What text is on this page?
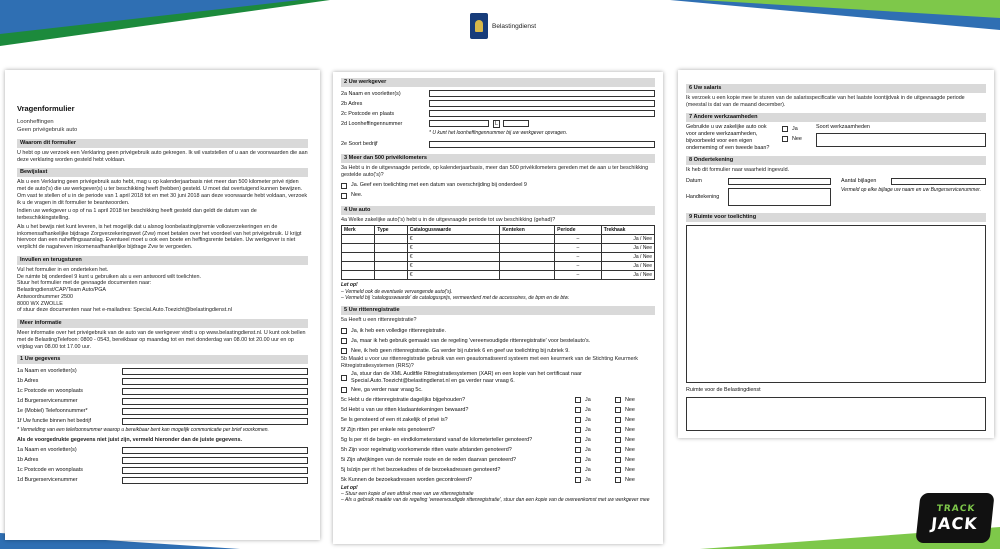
Belastingdienst
Vragenformulier
Loonheffingen
Geen privégebruik auto
Waarom dit formulier
U hebt op uw verzoek een Verklaring geen privégebruik auto gekregen. Ik wil vaststellen of u aan de voorwaarden die aan deze verklaring worden gesteld hebt voldaan.
Bewijslast
Als u een Verklaring geen privégebruik auto hebt, mag u op kalenderjaarbasis niet meer dan 500 kilometer privé rijden met de auto('s) die uw werkgever(s) u ter beschikking heeft (hebben) gesteld. U moet dat overtuigend kunnen bewijzen. Om vast te stellen of u in de periode van 1 april 2018 tot en met 30 juni 2018 aan deze voorwaarde hebt voldaan, verzoek ik u de vragen in dit formulier te beantwoorden.
Indien uw werkgever u op of na 1 april 2018 ter beschikking heeft gesteld dan geldt de datum van de terbeschikkingstelling.
Als u het bewijs niet kunt leveren, is het mogelijk dat u alsnog loonbelasting/premie volksverzekeringen en de inkomensafhankelijke bijdrage Zorgverzekeringswet (Zvw) moet betalen over het voordeel van het privégebruik. U krijgt hiervoor dan een naheffingsaanslag. Eventueel moet u ook een boete en heffingsrente betalen. Uw werkgever is niet verplicht de nagaheven inkomensafhankelijke bijdrage Zvw te vergoeden.
Invullen en terugsturen
Vul het formulier in en onderteken het.
De ruimte bij onderdeel 9 kunt u gebruiken als u een antwoord wilt toelichten.
Stuur het formulier met de gevraagde documenten naar:
Belastingdienst/CAP/Team Auto/PGA
Antwoordnummer 2500
8000 WX ZWOLLE
of stuur deze documenten naar het e-mailadres: Special.Auto.Toezicht@belastingdienst.nl
Meer informatie
Meer informatie over het privégebruik van de auto van de werkgever vindt u op www.belastingdienst.nl. U kunt ook bellen met de BelastingTelefoon: 0800 - 0543, bereikbaar op maandag tot en met donderdag van 08.00 tot 20.00 uur en op vrijdag van 08.00 tot 17.00 uur.
1 Uw gegevens
1a Naam en voorletter(s)
1b Adres
1c Postcode en woonplaats
1d Burgerservicenummer
1e (Mobiel) Telefoonnummer*
1f Uw functie binnen het bedrijf
* Vermelding van een telefoonnummer waarop u bereikbaar bent kan mogelijk communicatie per brief voorkomen.
Als de voorgedrukte gegevens niet juist zijn, vermeld hieronder dan de juiste gegevens.
1a Naam en voorletter(s)
1b Adres
1c Postcode en woonplaats
1d Burgerservicenummer
2 Uw werkgever
2a Naam en voorletter(s)
2b Adres
2c Postcode en plaats
2d Loonheffingennummer	L
* U kunt het loonheffingennummer bij uw werkgever opvragen.
2e Soort bedrijf
3 Meer dan 500 privékilometers
3a Hebt u in de uitgevraagde periode, op kalenderjaarbasis, meer dan 500 privékilometers gereden met de aan u ter beschikking gestelde auto('s)?
Ja. Geef een toelichting met een datum van overschrijding bij onderdeel 9
Nee.
4 Uw auto
4a Welke zakelijke auto('s) hebt u in de uitgevraagde periode tot uw beschikking (gehad)?
Merk	Type	Cataloguswaarde	Kenteken	Periode	Trekhaak
		€		–	Ja / Nee
		€		–	Ja / Nee
		€		–	Ja / Nee
		€		–	Ja / Nee
		€		–	Ja / Nee
Let op!
– Vermeld ook de eventuele vervangende auto('s).
– Vermeld bij 'cataloguswaarde' de catalogusprijs, vermeerderd met de accessoires, de bpm en de btw.
5 Uw rittenregistratie
5a Heeft u een rittenregistratie?
Ja, ik heb een volledige rittenregistratie.
Ja, maar ik heb gebruik gemaakt van de regeling 'vereenvoudigde rittenregistratie' voor bestelauto's.
Nee, ik heb geen rittenregistratie. Ga verder bij rubriek 6 en geef uw toelichting bij rubriek 9.
5b Maakt u voor uw rittenregistratie gebruik van een geautomatiseerd systeem met een keurmerk van de Stichting Keurmerk Ritregistratiesystemen (RRS)?
Ja, stuur dan de XML Auditfile Ritregistratiesystemen (XAR) en een kopie van het certificaat naar Special.Auto.Toezicht@belastingdienst.nl en ga verder naar vraag 6.
Nee, ga verder naar vraag 5c.
5c Hebt u de rittenregistratie dagelijks bijgehouden?	Ja	Nee
5d Hebt u van uw ritten kladaantekeningen bewaard?	Ja	Nee
5e Is genoteerd of een rit zakelijk of privé is?	Ja	Nee
5f Zijn ritten per enkele reis genoteerd?	Ja	Nee
5g Is per rit de begin- en eindkilometerstand vanaf de kilometerteller genoteerd?	Ja	Nee
5h Zijn voor regelmatig voorkomende ritten vaste afstanden genoteerd?	Ja	Nee
5i Zijn afwijkingen van de normale route en de reden daarvan genoteerd?	Ja	Nee
5j Is/zijn per rit het bezoekadres of de bezoekadressen genoteerd?	Ja	Nee
5k Kunnen de bezoekadressen worden gecontroleerd?	Ja	Nee
Let op!
– Stuur een kopie of een afdruk mee van uw rittenregistratie
– Als u gebruik maakte van de regeling 'vereenvoudigde rittenregistratie', stuur dan een kopie van de overeenkomst met uw werkgever mee
6 Uw salaris
Ik verzoek u een kopie mee te sturen van de salarisspecificatie van het laatste loontijdvak in de uitgevraagde periode (meestal is dat van de maand december).
7 Andere werkzaamheden
Gebruikte u uw zakelijke auto ook voor andere werkzaamheden, bijvoorbeeld voor een eigen onderneming of een tweede baan?
Ja
Nee
Soort werkzaamheden
8 Ondertekening
Ik heb dit formulier naar waarheid ingevuld.
Datum
Handtekening
Aantal bijlagen
Vermeld op elke bijlage uw naam en uw Burgerservicenummer.
9 Ruimte voor toelichting
Ruimte voor de Belastingdienst
TRACK
JACK
